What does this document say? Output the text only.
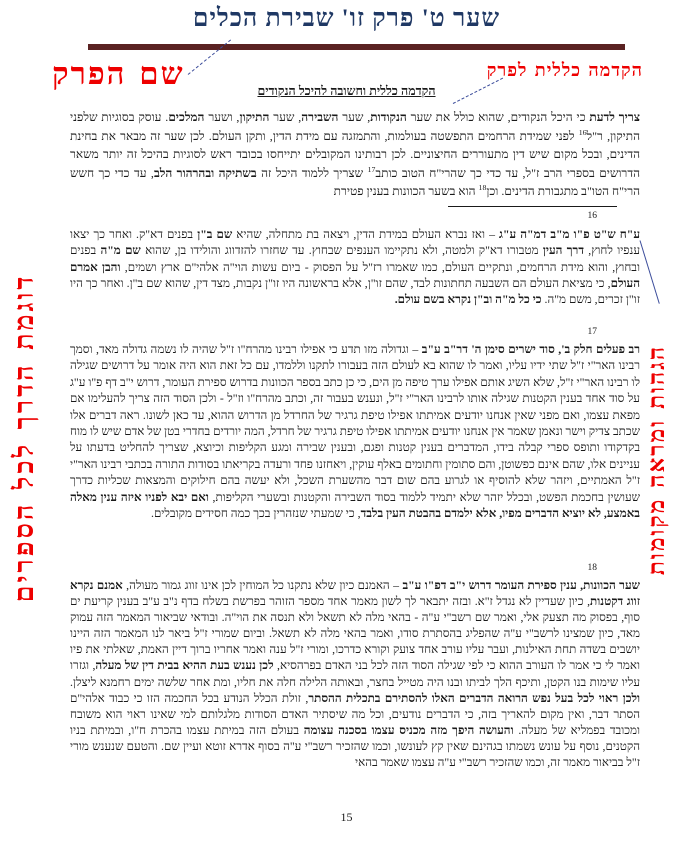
שער ט' פרק זו' שבירת הכלים
הקדמה כללית לפרק
שם הפרק	הקדמה כללית וחשובה להיכל הנקודים
צריך לדעת כי היכל הנקודים, שהוא כולל את שער הנקודות, שער השבירה, שער התיקון, ושער המלכים. עוסק בסוגיות שלפני התיקון, ר"ל$^{16}$ לפני שמידת הרחמים התפשטה בעולמות, והתמזגה עם מידת הדין, ותקן העולם. לכן שער זה מבאר את בחינת הדינים, ובכל מקום שיש דין מתעוררים החיצוניים. לכן רבותינו המקובלים יתייחסו בכובד ראש לסוגיות בהיכל זה יותר משאר הדרושים בספרי הרב ז"ל, עד כדי כך שהרי"ח הטוב כותב$^{17}$ שצריך ללמוד היכל זה בשתיקה ובהרהור הלב, עד כדי כך חשש הרי"ח הטו"ב מתגבורת הדינים. וכן$^{18}$ הוא בשער הכוונות בענין פטירת
16
ע"ח ש"ט פ"ו מ"ב דמ"ה ע"ג – ואז נברא העולם במידת הדין, ויצאה בת מתחלה, שהיא שם ב"ן בפנים דא"ק. ואחר כך יצאו ענפיו לחוץ, דרך העין מטבורו דא"ק ולמטה, ולא נתקיימו הענפים שבחוץ. עד שחזרו להזדווג והולידו בן, שהוא שם מ"ה בפנים ובחוץ, והוא מידת הרחמים, ונתקיים העולם, כמו שאמרו רז"ל על הפסוק - ביום עשות הוי"ה אלהי"ם ארץ ושמים, והבן אמרם העולם, כי מציאת העולם הם השבעה תחתונות לבד, שהם זו"ן, אלא בראשונה היו זו"ן נקבות, מצד דין, שהוא שם ב"ן. ואחר כך היו זו"ן זכרים, משם מ"ה. כי כל מ"ה וב"ן נקרא בשם עולם.
17
רב פעלים חלק ב', סוד ישרים סימן ה' דר"ב ע"ב – וגדולה מזו תדע כי אפילו רבינו מהרח"ו ז"ל שהיה לו נשמה גדולה מאד, וסמך רבינו האר"י ז"ל שתי ידיו עליו, ואמר לו שהוא בא לעולם הזה בעבורו לתקנו וללמדו, עם כל זאת הוא היה אומר על דרושים שגילה לו רבינו האר"י ז"ל, שלא השיג אותם אפילו ערך טיפה מן הים, כי כן כתב בספר הכוונות בדרוש ספירת העומר, דרוש י"ב דף פ"ו ע"ג על סוד אחד בענין הקטנות שגילה אותו לרבינו האר"י ז"ל, ונענש בעבור זה, וכתב מהרח"ו וז"ל - ולכן הסוד הזה צריך להעלימו אם מפאת עצמו, ואם מפני שאין אנחנו יודעים אמיתתו אפילו טיפת גרגיר של החרדל מן הדרוש ההוא, עד כאן לשונו. ראה דברים אלו שכתב צדיק וישר ונאמן שאמר אין אנחנו יודעים אמיתתו אפילו טיפת גרגיר של חרדל, המה יורדים בחדרי בטן של אדם שיש לו מוח בקדקודו ותופס ספרי קבלה בידו, המדברים בענין קטנות ופגם, ובענין שבירה ומגע הקליפות וכיוצא, שצריך להחליט בדעתו על עניינים אלו, שהם אינם כפשוטן, והם סתומין וחתומים באלף עוקין, ויאחזנו פחד ורעדה בקריאתו בסודות התורה בכתבי רבינו האר"י ז"ל האמתיים, ויזהר שלא להוסיף או לגרוע בהם שום דבר מהשערת השכל, ולא יעשה בהם חילוקים והמצאות שכליות כדרך שעושין בחכמת הפשט, ובכלל יזהר שלא יתמיד ללמוד בסוד השבירה והקטנות ובשערי הקליפות, ואם יבא לפניו איזה ענין מאלה באמצע, לא יוציא הדברים מפיו, אלא ילמדם בהבטת העין בלבד, כי שמעתי שנזהרין בכך כמה חסידים מקובלים.
18
שער הכוונות, ענין ספירת העומר דרוש י"ב דפ"ו ע"ב – האמנם כיון שלא נתקנו כל המוחין לכן אינו זווג גמור מעולה, אמנם נקרא זווג דקטנות, כיון שעדיין לא נגדל ז"א. ובזה יתבאר לך לשון מאמר אחד מספר הזוהר בפרשת בשלח בדף נ"ב ע"ב בענין קריעת ים סוף, בפסוק מה תצעק אלי, ואמר שם רשב"י ע"ה - בהאי מלה לא תשאל ולא תנסה את הוי"ה. ובודאי שביאור המאמר הזה עמוק מאד, כיון שמצינו לרשב"י ע"ה שהפליג בהסתרת סודו, ואמר בהאי מלה לא תשאל. וביום שמורי ז"ל ביאר לנו המאמר הזה היינו יושבים בשדה תחת האילנות, ועבר עליו עורב אחד צועק וקורא כדרכו, ומורי ז"ל ענה ואמר אחריו ברוך דיין האמת, שאלתי את פיו ואמר לי כי אמר לו העורב ההוא כי לפי שגילה הסוד הזה לכל בני האדם בפרהסיא, לכן נענש בעת ההיא בבית דין של מעלה, וגזרו עליו שימות בנו הקטן, ותיכף הלך לביתו ובנו היה מטייל בחצר, ובאותה הלילה חלה את חליו, ומת אחר שלשה ימים רחמנא ליצלן. ולכן ראוי לכל בעל נפש הרואה הדברים האלו להסתירם בתכלית ההסתר, זולת הכלל הנודע בכל החכמה הזו כי כבוד אלהי"ם הסתר דבר, ואין מקום להאריך בזה, כי הדברים נודעים, וכל מה שיסתיר האדם הסודות מלגלותם למי שאינו ראוי הוא משובח ומכובד בפמליא של מעלה. והעושה היפך מזה מכניס עצמו בסכנה עצומה בעולם הזה במיתת עצמו בהכרת ח"ו, ובמיתת בניו הקטנים, נוסף על עונש נשמתו בגהינם שאין קץ לעונשו, וכמו שהזכיר רשב"י ע"ה בסוף אדרא זוטא ועיין שם. והטעם שנענש מורי ז"ל בביאור מאמר זה, וכמו שהזכיר רשב"י ע"ה עצמו שאמר בהאי
דוגמת הדרך לכל הספרים	הגהות ומראה מקומות
15
